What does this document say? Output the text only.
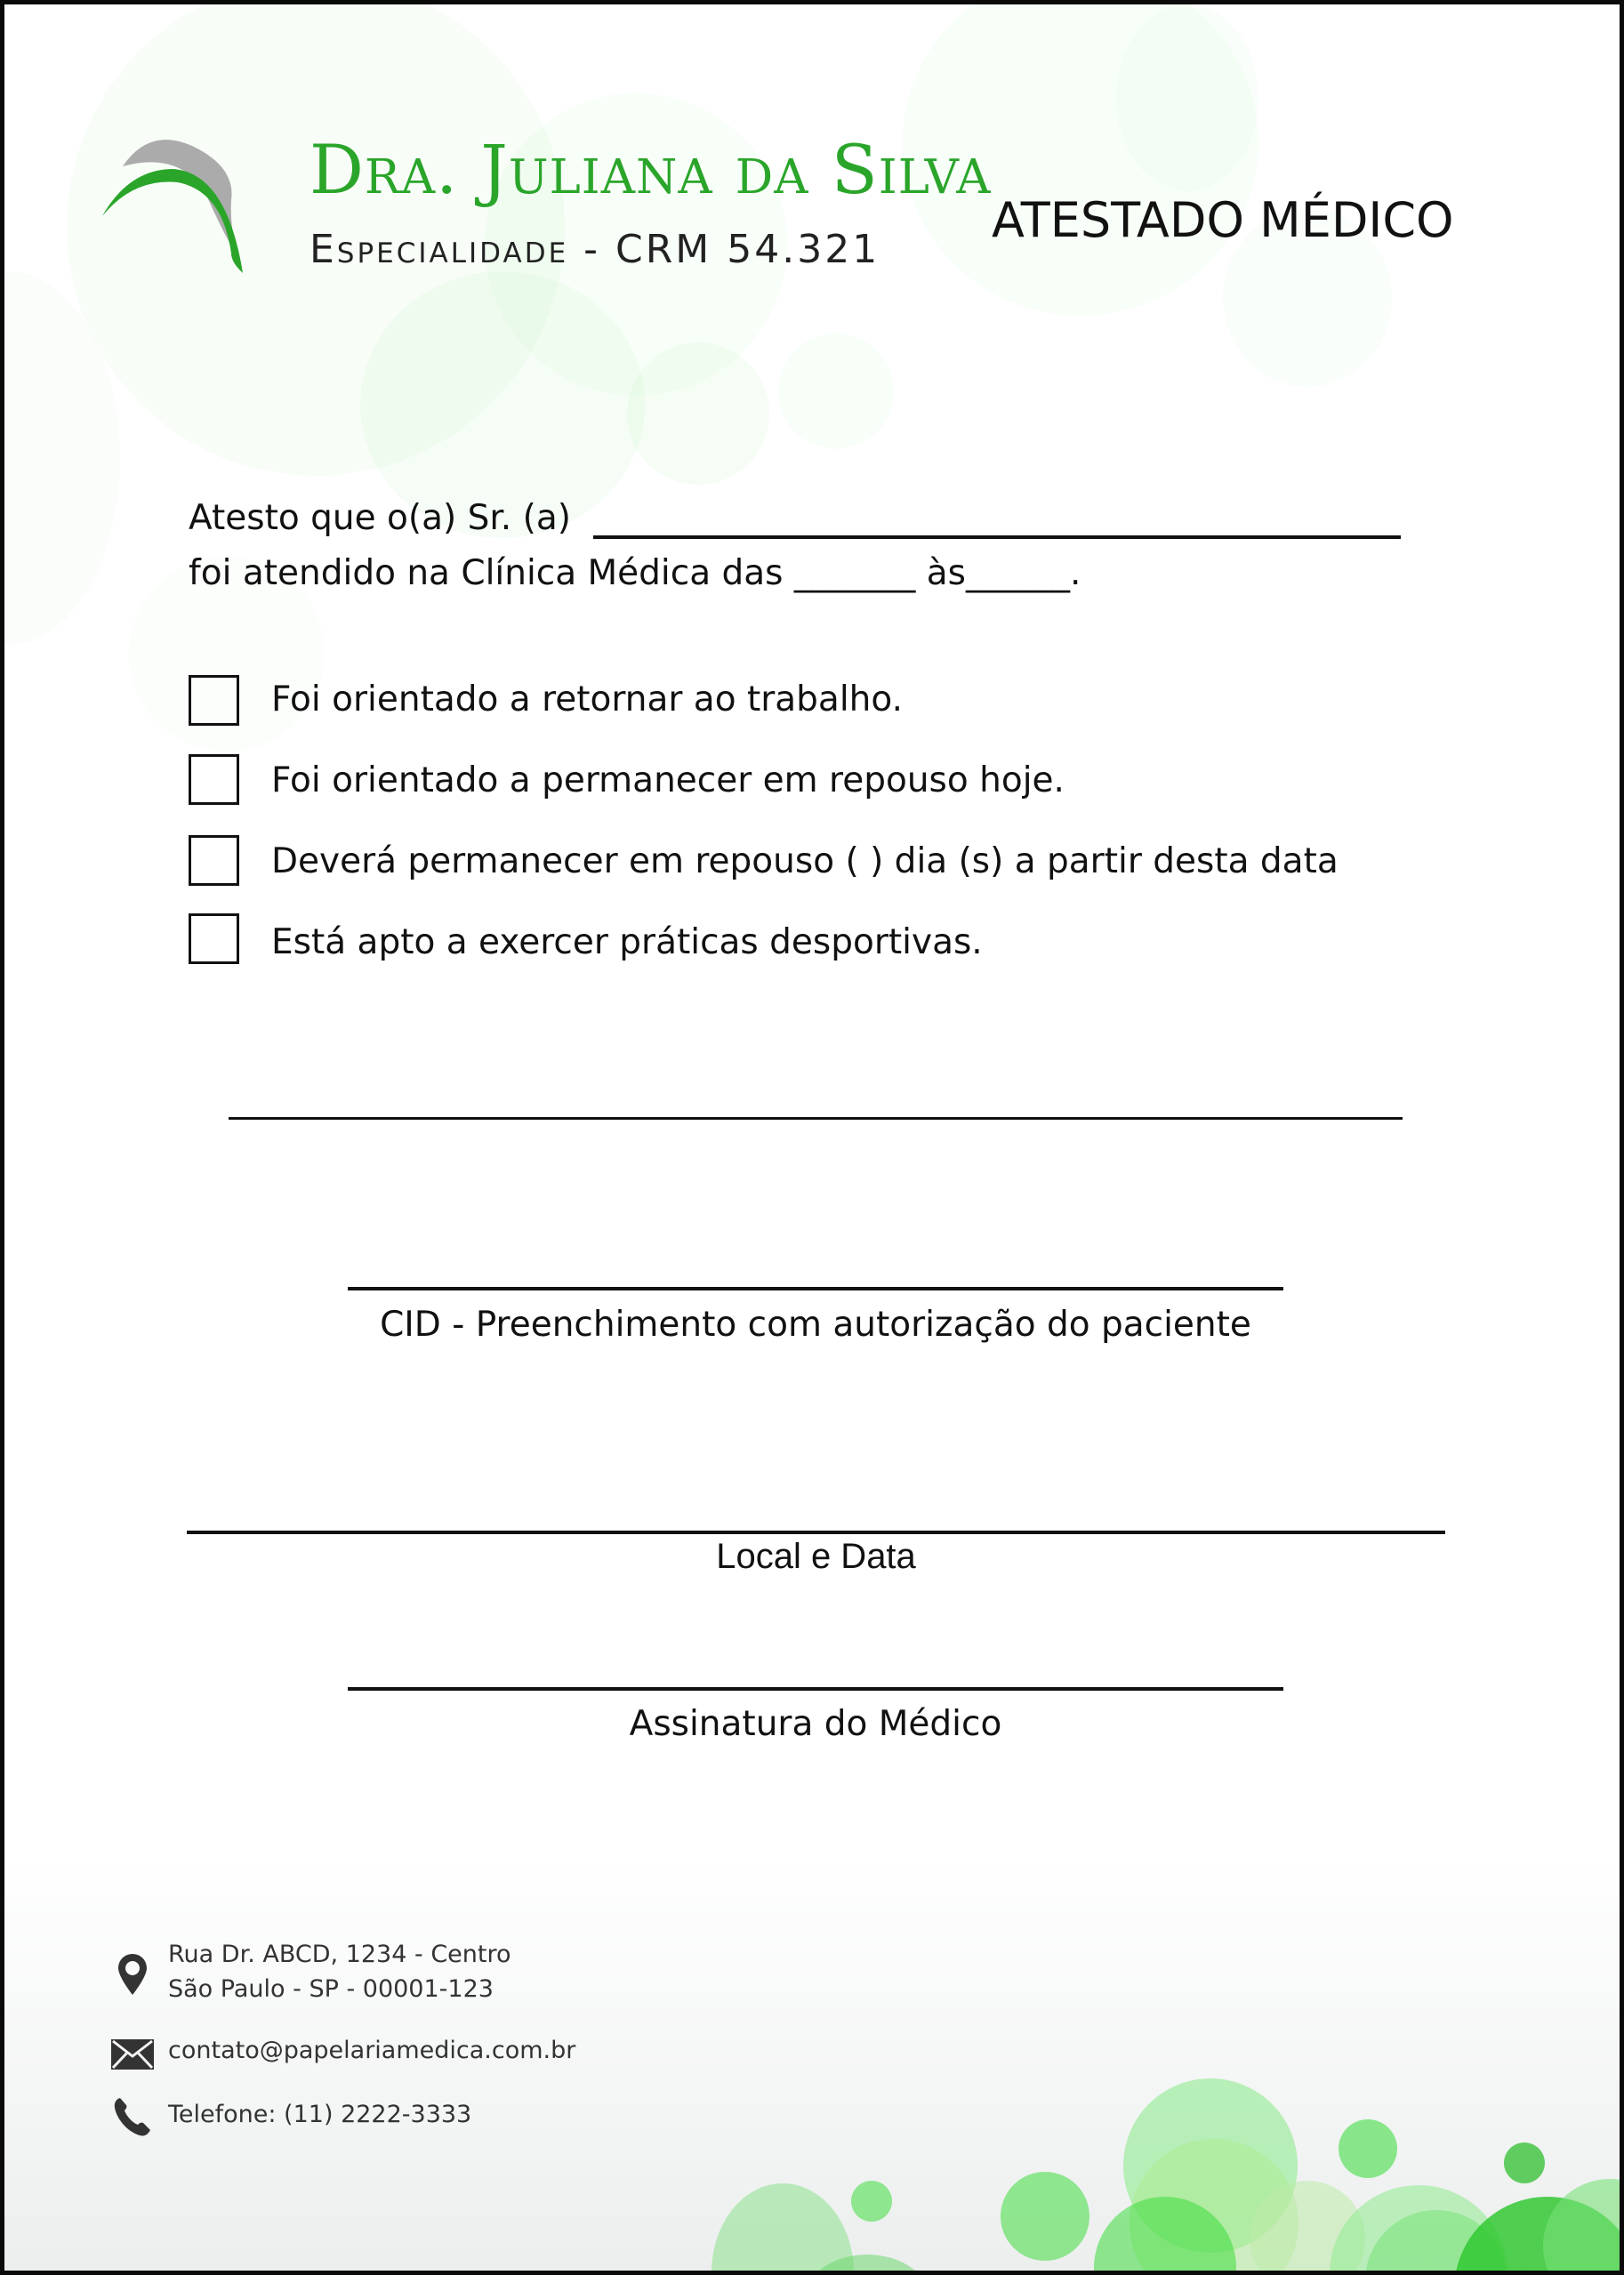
Dra. Juliana da Silva
Especialidade - CRM 54.321
ATESTADO MÉDICO
Atesto que o(a) Sr. (a)
foi atendido na Clínica Médica das _______ às______.
Foi orientado a retornar ao trabalho.
Foi orientado a permanecer em repouso hoje.
Deverá permanecer em repouso ( ) dia (s) a partir desta data
Está apto a exercer práticas desportivas.
CID - Preenchimento com autorização do paciente
Local e Data
Assinatura do Médico
Rua Dr. ABCD, 1234 - Centro
São Paulo - SP - 00001-123
contato@papelariamedica.com.br
Telefone: (11) 2222-3333
